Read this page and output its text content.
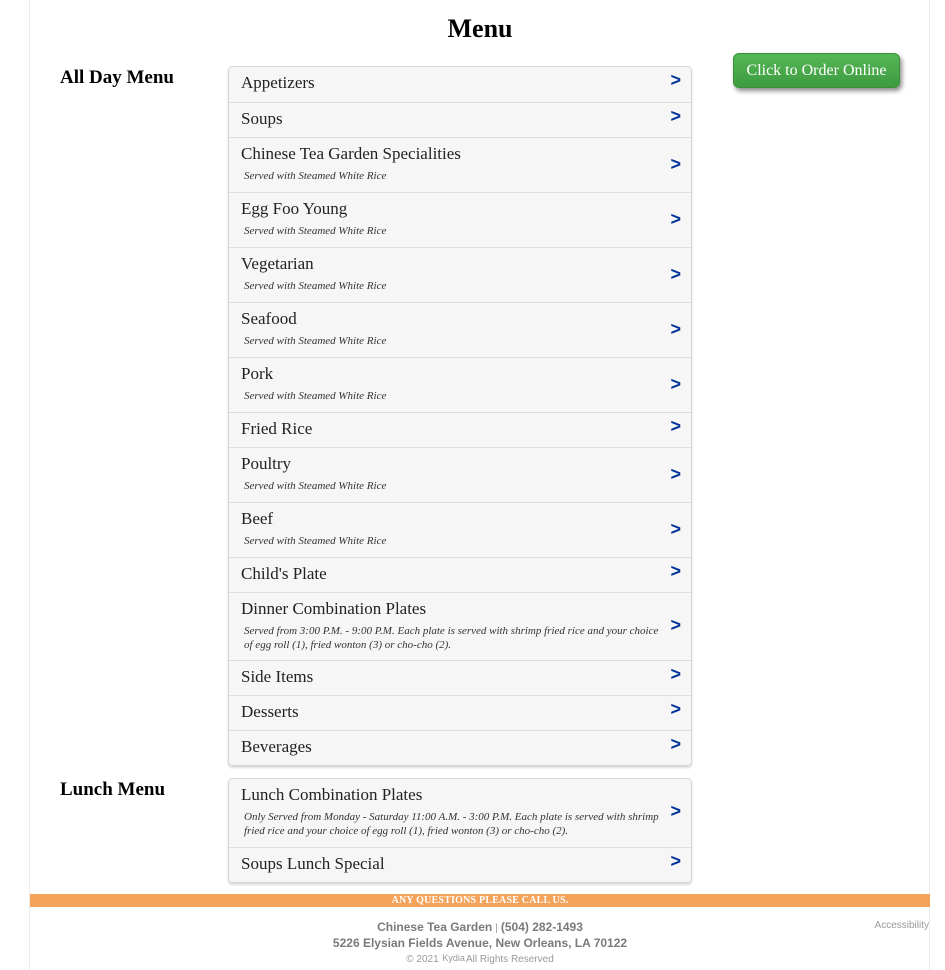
Menu
Click to Order Online
All Day Menu	Appetizers	>
Soups	>
Chinese Tea Garden Specialities
Served with Steamed White Rice
>
Egg Foo Young
Served with Steamed White Rice
>
Vegetarian
Served with Steamed White Rice
>
Seafood
Served with Steamed White Rice
>
Pork
Served with Steamed White Rice
>
Fried Rice	>
Poultry
Served with Steamed White Rice
>
Beef
Served with Steamed White Rice
>
Child's Plate	>
Dinner Combination Plates
Served from 3:00 P.M. - 9:00 P.M. Each plate is served with shrimp fried rice and your choice of egg roll (1), fried wonton (3) or cho-cho (2).
>
Side Items	>
Desserts	>
Beverages	>
Lunch Menu	Lunch Combination Plates
Only Served from Monday - Saturday 11:00 A.M. - 3:00 P.M. Each plate is served with shrimp fried rice and your choice of egg roll (1), fried wonton (3) or cho-cho (2).
>
Soups Lunch Special	>
ANY QUESTIONS PLEASE CALL US.
Chinese Tea Garden | (504) 282-1493
5226 Elysian Fields Avenue, New Orleans, LA 70122
© 2021 KydiaAll Rights Reserved
Accessibility
